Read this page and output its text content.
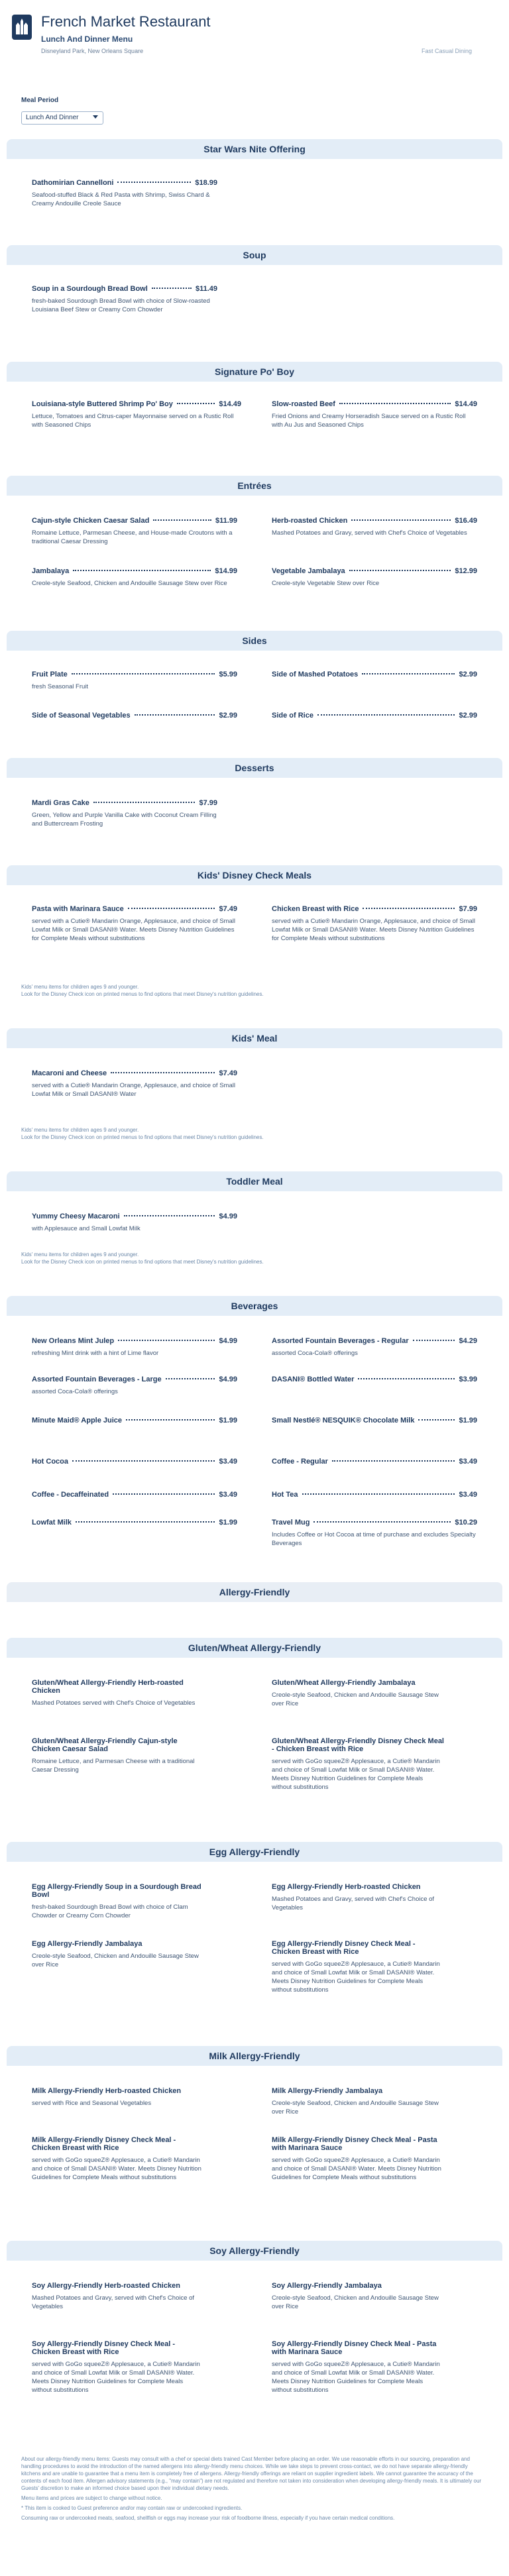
French Market Restaurant
Lunch And Dinner Menu
Disneyland Park, New Orleans Square	Fast Casual Dining
Meal Period
Lunch And Dinner
Star Wars Nite Offering
Dathomirian Cannelloni	$18.99
Seafood-stuffed Black & Red Pasta with Shrimp, Swiss Chard & Creamy Andouille Creole Sauce
Soup
Soup in a Sourdough Bread Bowl	$11.49
fresh-baked Sourdough Bread Bowl with choice of Slow-roasted Louisiana Beef Stew or Creamy Corn Chowder
Signature Po' Boy
Louisiana-style Buttered Shrimp Po' Boy	$14.49
Lettuce, Tomatoes and Citrus-caper Mayonnaise served on a Rustic Roll with Seasoned Chips
Slow-roasted Beef	$14.49
Fried Onions and Creamy Horseradish Sauce served on a Rustic Roll with Au Jus and Seasoned Chips
Entrées
Cajun-style Chicken Caesar Salad	$11.99
Romaine Lettuce, Parmesan Cheese, and House-made Croutons with a traditional Caesar Dressing
Herb-roasted Chicken	$16.49
Mashed Potatoes and Gravy, served with Chef's Choice of Vegetables
Jambalaya	$14.99
Creole-style Seafood, Chicken and Andouille Sausage Stew over Rice
Vegetable Jambalaya	$12.99
Creole-style Vegetable Stew over Rice
Sides
Fruit Plate	$5.99
fresh Seasonal Fruit
Side of Mashed Potatoes	$2.99
Side of Seasonal Vegetables	$2.99	Side of Rice	$2.99
Desserts
Mardi Gras Cake	$7.99
Green, Yellow and Purple Vanilla Cake with Coconut Cream Filling and Buttercream Frosting
Kids' Disney Check Meals
Pasta with Marinara Sauce	$7.49
served with a Cutie® Mandarin Orange, Applesauce, and choice of Small Lowfat Milk or Small DASANI® Water. Meets Disney Nutrition Guidelines for Complete Meals without substitutions
Chicken Breast with Rice	$7.99
served with a Cutie® Mandarin Orange, Applesauce, and choice of Small Lowfat Milk or Small DASANI® Water. Meets Disney Nutrition Guidelines for Complete Meals without substitutions
Kids' menu items for children ages 9 and younger.
Look for the Disney Check icon on printed menus to find options that meet Disney's nutrition guidelines.
Kids' Meal
Macaroni and Cheese	$7.49
served with a Cutie® Mandarin Orange, Applesauce, and choice of Small Lowfat Milk or Small DASANI® Water
Kids' menu items for children ages 9 and younger.
Look for the Disney Check icon on printed menus to find options that meet Disney's nutrition guidelines.
Toddler Meal
Yummy Cheesy Macaroni	$4.99
with Applesauce and Small Lowfat Milk
Kids' menu items for children ages 9 and younger.
Look for the Disney Check icon on printed menus to find options that meet Disney's nutrition guidelines.
Beverages
New Orleans Mint Julep	$4.99
refreshing Mint drink with a hint of Lime flavor
Assorted Fountain Beverages - Regular	$4.29
assorted Coca-Cola® offerings
Assorted Fountain Beverages - Large	$4.99
assorted Coca-Cola® offerings
DASANI® Bottled Water	$3.99
Minute Maid® Apple Juice	$1.99	Small Nestlé® NESQUIK® Chocolate Milk	$1.99
Hot Cocoa	$3.49	Coffee - Regular	$3.49
Coffee - Decaffeinated	$3.49	Hot Tea	$3.49
Lowfat Milk	$1.99	Travel Mug	$10.29
Includes Coffee or Hot Cocoa at time of purchase and excludes Specialty Beverages
Allergy-Friendly
Gluten/Wheat Allergy-Friendly
Gluten/Wheat Allergy-Friendly Herb-roasted Chicken
Mashed Potatoes served with Chef's Choice of Vegetables
Gluten/Wheat Allergy-Friendly Jambalaya
Creole-style Seafood, Chicken and Andouille Sausage Stew over Rice
Gluten/Wheat Allergy-Friendly Cajun-style Chicken Caesar Salad
Romaine Lettuce, and Parmesan Cheese with a traditional Caesar Dressing
Gluten/Wheat Allergy-Friendly Disney Check Meal - Chicken Breast with Rice
served with GoGo squeeZ® Applesauce, a Cutie® Mandarin and choice of Small Lowfat Milk or Small DASANI® Water. Meets Disney Nutrition Guidelines for Complete Meals without substitutions
Egg Allergy-Friendly
Egg Allergy-Friendly Soup in a Sourdough Bread Bowl
fresh-baked Sourdough Bread Bowl with choice of Clam Chowder or Creamy Corn Chowder
Egg Allergy-Friendly Herb-roasted Chicken
Mashed Potatoes and Gravy, served with Chef's Choice of Vegetables
Egg Allergy-Friendly Jambalaya
Creole-style Seafood, Chicken and Andouille Sausage Stew over Rice
Egg Allergy-Friendly Disney Check Meal - Chicken Breast with Rice
served with GoGo squeeZ® Applesauce, a Cutie® Mandarin and choice of Small Lowfat Milk or Small DASANI® Water. Meets Disney Nutrition Guidelines for Complete Meals without substitutions
Milk Allergy-Friendly
Milk Allergy-Friendly Herb-roasted Chicken
served with Rice and Seasonal Vegetables
Milk Allergy-Friendly Jambalaya
Creole-style Seafood, Chicken and Andouille Sausage Stew over Rice
Milk Allergy-Friendly Disney Check Meal - Chicken Breast with Rice
served with GoGo squeeZ® Applesauce, a Cutie® Mandarin and choice of Small DASANI® Water. Meets Disney Nutrition Guidelines for Complete Meals without substitutions
Milk Allergy-Friendly Disney Check Meal - Pasta with Marinara Sauce
served with GoGo squeeZ® Applesauce, a Cutie® Mandarin and choice of Small DASANI® Water. Meets Disney Nutrition Guidelines for Complete Meals without substitutions
Soy Allergy-Friendly
Soy Allergy-Friendly Herb-roasted Chicken
Mashed Potatoes and Gravy, served with Chef's Choice of Vegetables
Soy Allergy-Friendly Jambalaya
Creole-style Seafood, Chicken and Andouille Sausage Stew over Rice
Soy Allergy-Friendly Disney Check Meal - Chicken Breast with Rice
served with GoGo squeeZ® Applesauce, a Cutie® Mandarin and choice of Small Lowfat Milk or Small DASANI® Water. Meets Disney Nutrition Guidelines for Complete Meals without substitutions
Soy Allergy-Friendly Disney Check Meal - Pasta with Marinara Sauce
served with GoGo squeeZ® Applesauce, a Cutie® Mandarin and choice of Small Lowfat Milk or Small DASANI® Water. Meets Disney Nutrition Guidelines for Complete Meals without substitutions

About our allergy-friendly menu items: Guests may consult with a chef or special diets trained Cast Member before placing an order. We use reasonable efforts in our sourcing, preparation and handling procedures to avoid the introduction of the named allergens into allergy-friendly menu choices. While we take steps to prevent cross-contact, we do not have separate allergy-friendly kitchens and are unable to guarantee that a menu item is completely free of allergens. Allergy-friendly offerings are reliant on supplier ingredient labels. We cannot guarantee the accuracy of the contents of each food item. Allergen advisory statements (e.g., "may contain") are not regulated and therefore not taken into consideration when developing allergy-friendly meals. It is ultimately our Guests' discretion to make an informed choice based upon their individual dietary needs.

Menu items and prices are subject to change without notice.

* This item is cooked to Guest preference and/or may contain raw or undercooked ingredients.

Consuming raw or undercooked meats, seafood, shellfish or eggs may increase your risk of foodborne illness, especially if you have certain medical conditions.
